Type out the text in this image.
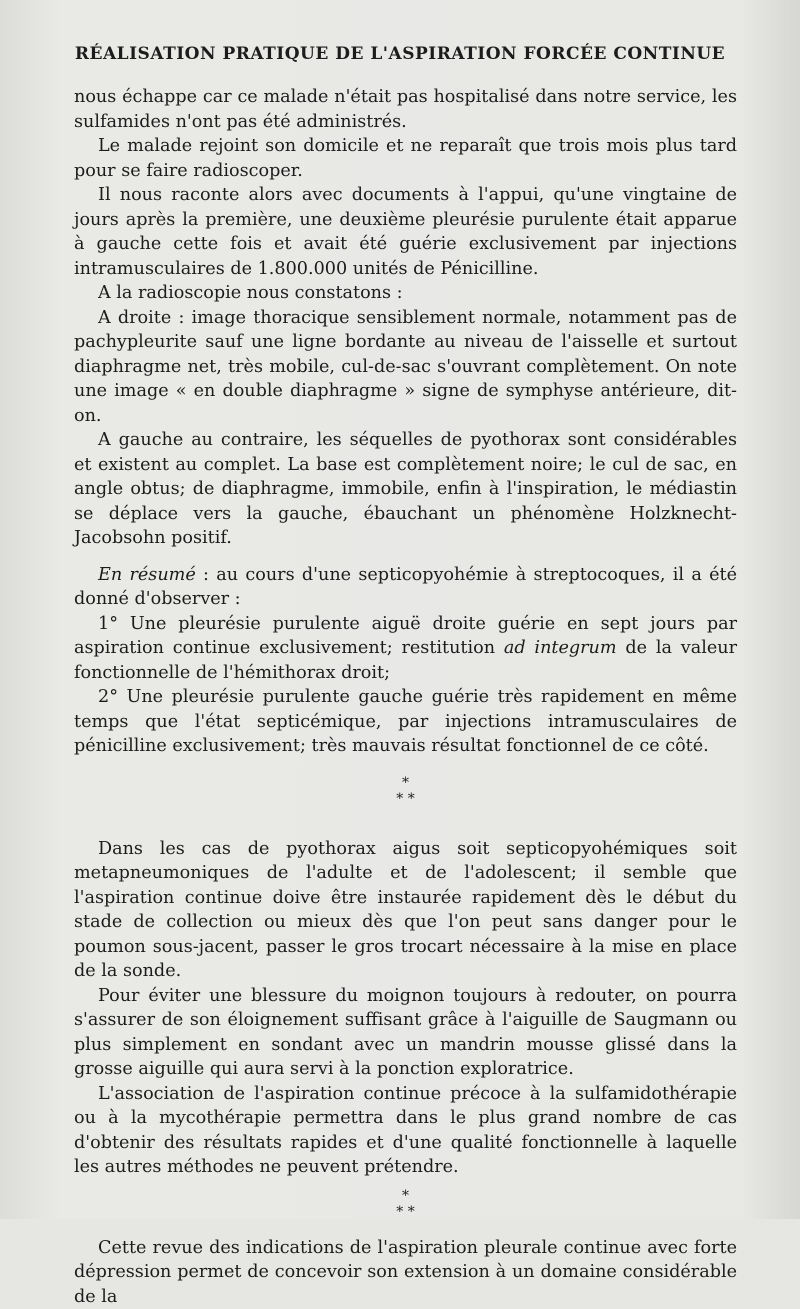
RÉALISATION PRATIQUE DE L'ASPIRATION FORCÉE CONTINUE

nous échappe car ce malade n'était pas hospitalisé dans notre service, les sulfamides n'ont pas été administrés.

Le malade rejoint son domicile et ne reparaît que trois mois plus tard pour se faire radioscoper.

Il nous raconte alors avec documents à l'appui, qu'une vingtaine de jours après la première, une deuxième pleurésie purulente était apparue à gauche cette fois et avait été guérie exclusivement par injections intramusculaires de 1.800.000 unités de Pénicilline.

A la radioscopie nous constatons :

A droite : image thoracique sensiblement normale, notamment pas de pachypleurite sauf une ligne bordante au niveau de l'aisselle et surtout diaphragme net, très mobile, cul-de-sac s'ouvrant complètement. On note une image « en double diaphragme » signe de symphyse antérieure, dit-on.

A gauche au contraire, les séquelles de pyothorax sont considérables et existent au complet. La base est complètement noire; le cul de sac, en angle obtus; de diaphragme, immobile, enfin à l'inspiration, le médiastin se déplace vers la gauche, ébauchant un phénomène Holzknecht-Jacobsohn positif.

En résumé : au cours d'une septicopyohémie à streptocoques, il a été donné d'observer :

1° Une pleurésie purulente aiguë droite guérie en sept jours par aspiration continue exclusivement; restitution ad integrum de la valeur fonctionnelle de l'hémithorax droit;

2° Une pleurésie purulente gauche guérie très rapidement en même temps que l'état septicémique, par injections intramusculaires de pénicilline exclusivement; très mauvais résultat fonctionnel de ce côté.

*
* *

Dans les cas de pyothorax aigus soit septicopyohémiques soit metapneumoniques de l'adulte et de l'adolescent; il semble que l'aspiration continue doive être instaurée rapidement dès le début du stade de collection ou mieux dès que l'on peut sans danger pour le poumon sous-jacent, passer le gros trocart nécessaire à la mise en place de la sonde.

Pour éviter une blessure du moignon toujours à redouter, on pourra s'assurer de son éloignement suffisant grâce à l'aiguille de Saugmann ou plus simplement en sondant avec un mandrin mousse glissé dans la grosse aiguille qui aura servi à la ponction exploratrice.

L'association de l'aspiration continue précoce à la sulfamidothérapie ou à la mycothérapie permettra dans le plus grand nombre de cas d'obtenir des résultats rapides et d'une qualité fonctionnelle à laquelle les autres méthodes ne peuvent prétendre.

*
* *

Cette revue des indications de l'aspiration pleurale continue avec forte dépression permet de concevoir son extension à un domaine considérable de la
